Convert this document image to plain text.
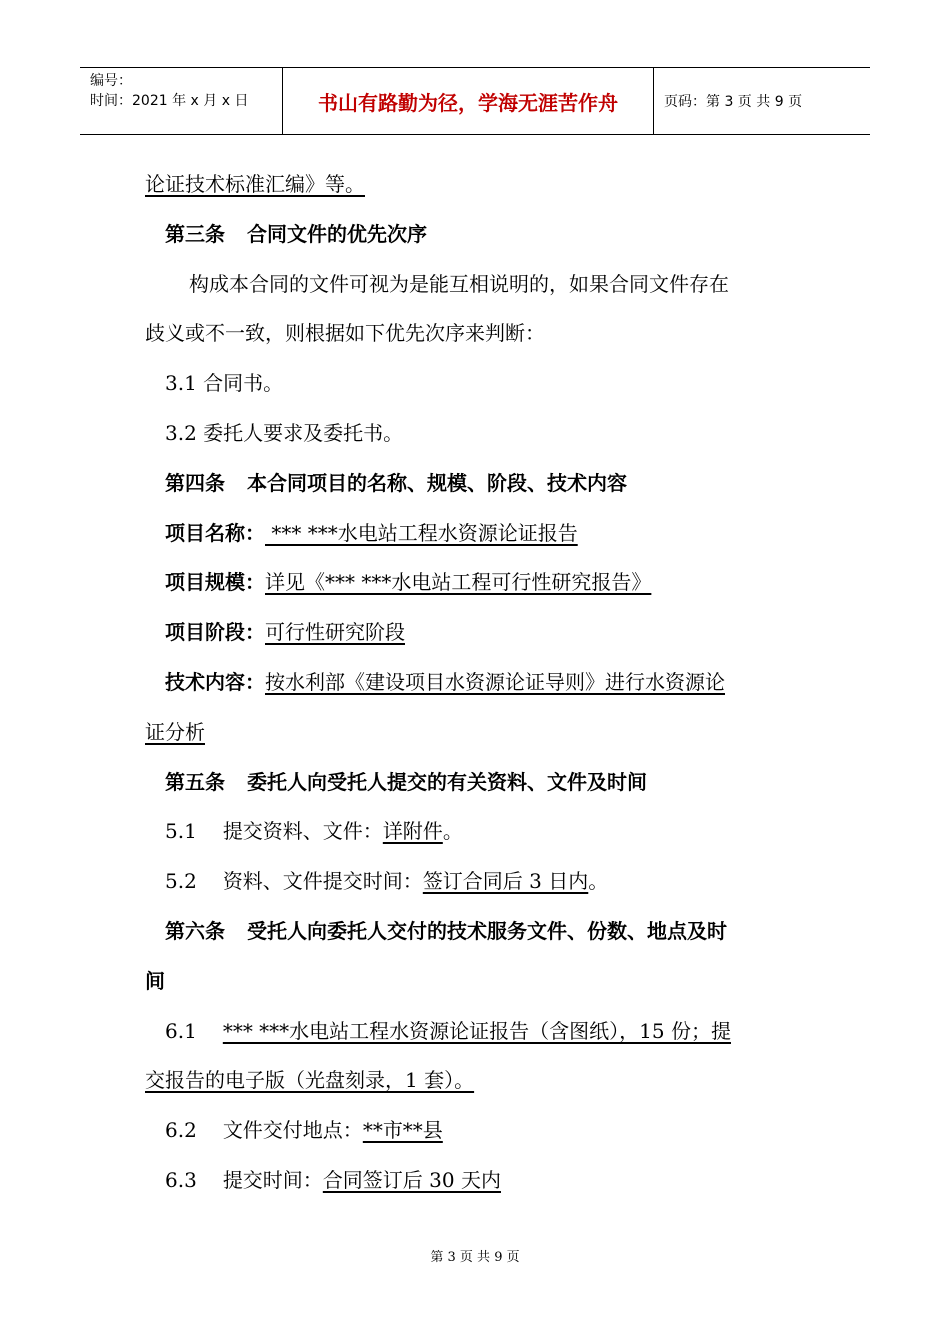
编号：
时间：2021 年 x 月 x 日	书山有路勤为径，学海无涯苦作舟	页码：第 3 页 共 9 页
论证技术标准汇编》等。
第三条 合同文件的优先次序
构成本合同的文件可视为是能互相说明的，如果合同文件存在
歧义或不一致，则根据如下优先次序来判断：
3.1 合同书。
3.2 委托人要求及委托书。
第四条 本合同项目的名称、规模、阶段、技术内容
项目名称： *** ***水电站工程水资源论证报告
项目规模：详见《*** ***水电站工程可行性研究报告》
项目阶段：可行性研究阶段
技术内容：按水利部《建设项目水资源论证导则》进行水资源论
证分析
第五条 委托人向受托人提交的有关资料、文件及时间
5.1 提交资料、文件：详附件。
5.2 资料、文件提交时间：签订合同后 3 日内。
第六条 受托人向委托人交付的技术服务文件、份数、地点及时
间
6.1 *** ***水电站工程水资源论证报告（含图纸），15 份；提
交报告的电子版（光盘刻录，1 套）。
6.2 文件交付地点：**市**县
6.3 提交时间：合同签订后 30 天内
第 3 页 共 9 页
